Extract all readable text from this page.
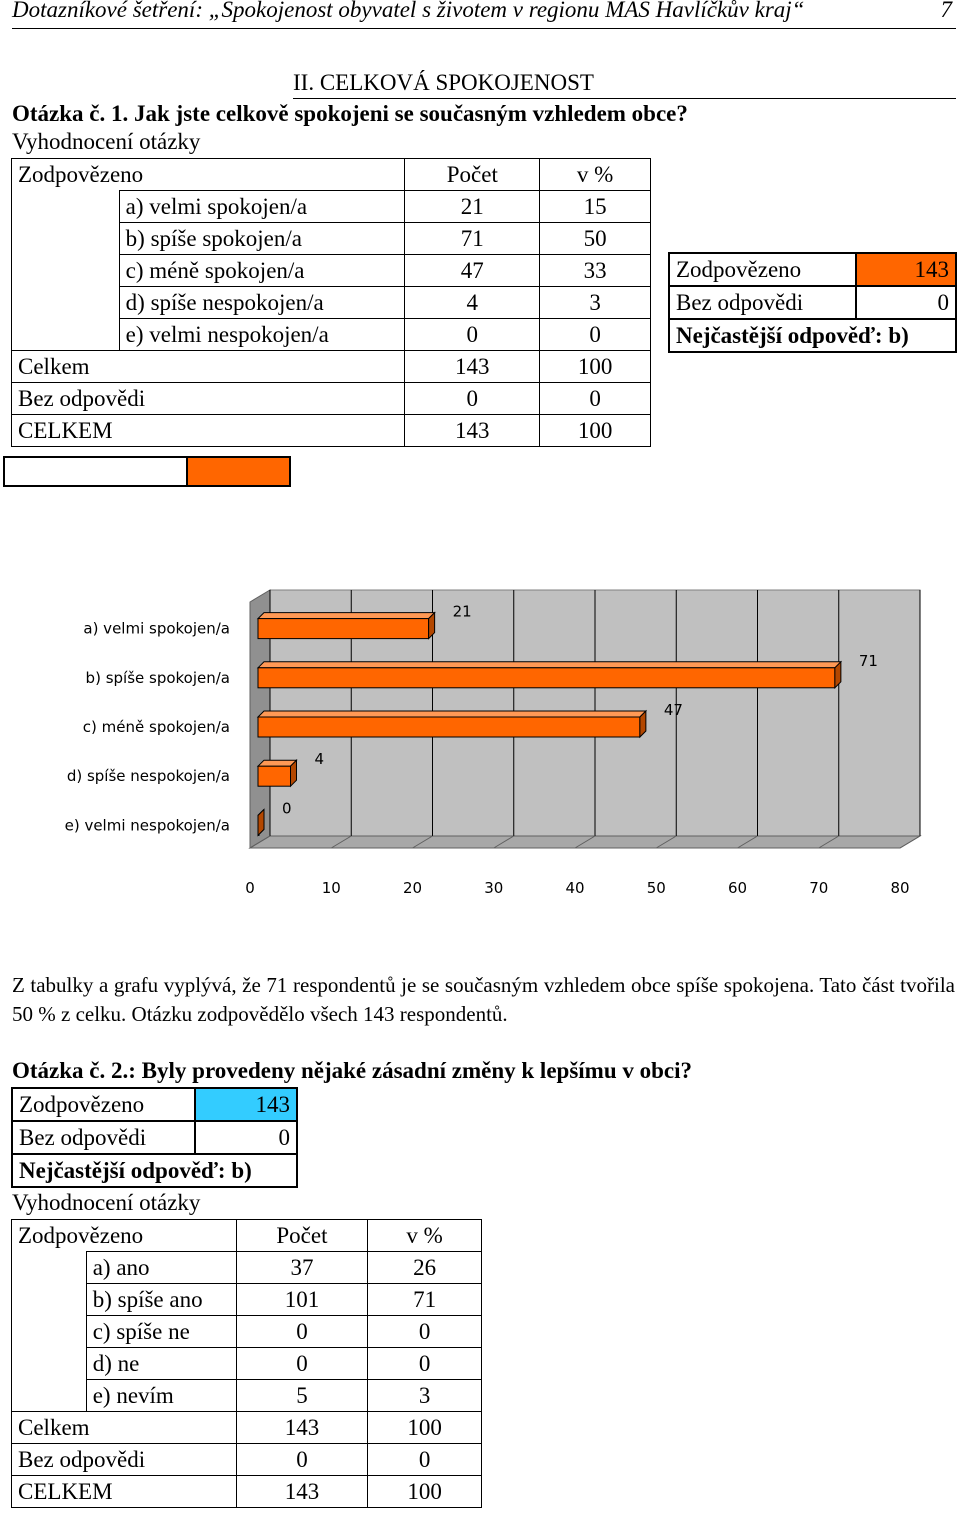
Dotazníkové šetření: „Spokojenost obyvatel s životem v regionu MAS Havlíčkův kraj“	7
II. CELKOVÁ SPOKOJENOST
Otázka č. 1. Jak jste celkově spokojeni se současným vzhledem obce?
Vyhodnocení otázky
Zodpovězeno		Počet	v %
	a) velmi spokojen/a	21	15
	b) spíše spokojen/a	71	50
	c) méně spokojen/a	47	33
	d) spíše nespokojen/a	4	3
	e) velmi nespokojen/a	0	0
Celkem		143	100
Bez odpovědi		0	0
CELKEM		143	100
Zodpovězeno	143
Bez odpovědi	0
Nejčastější odpověď: b)	
a) velmi spokojen/a
21
b) spíše spokojen/a
71
c) méně spokojen/a
47
d) spíše nespokojen/a
4
e) velmi nespokojen/a
0
0	10	20	30	40	50	60	70	80
Z tabulky a grafu vyplývá, že 71 respondentů je se současným vzhledem obce spíše spokojena. Tato část tvořila 50 % z celku. Otázku zodpovědělo všech 143 respondentů.
Otázka č. 2.: Byly provedeny nějaké zásadní změny k lepšímu v obci?
Zodpovězeno	143
Bez odpovědi	0
Nejčastější odpověď: b)	
Vyhodnocení otázky
Zodpovězeno		Počet	v %
	a) ano	37	26
	b) spíše ano	101	71
	c) spíše ne	0	0
	d) ne	0	0
	e) nevím	5	3
Celkem		143	100
Bez odpovědi		0	0
CELKEM		143	100
